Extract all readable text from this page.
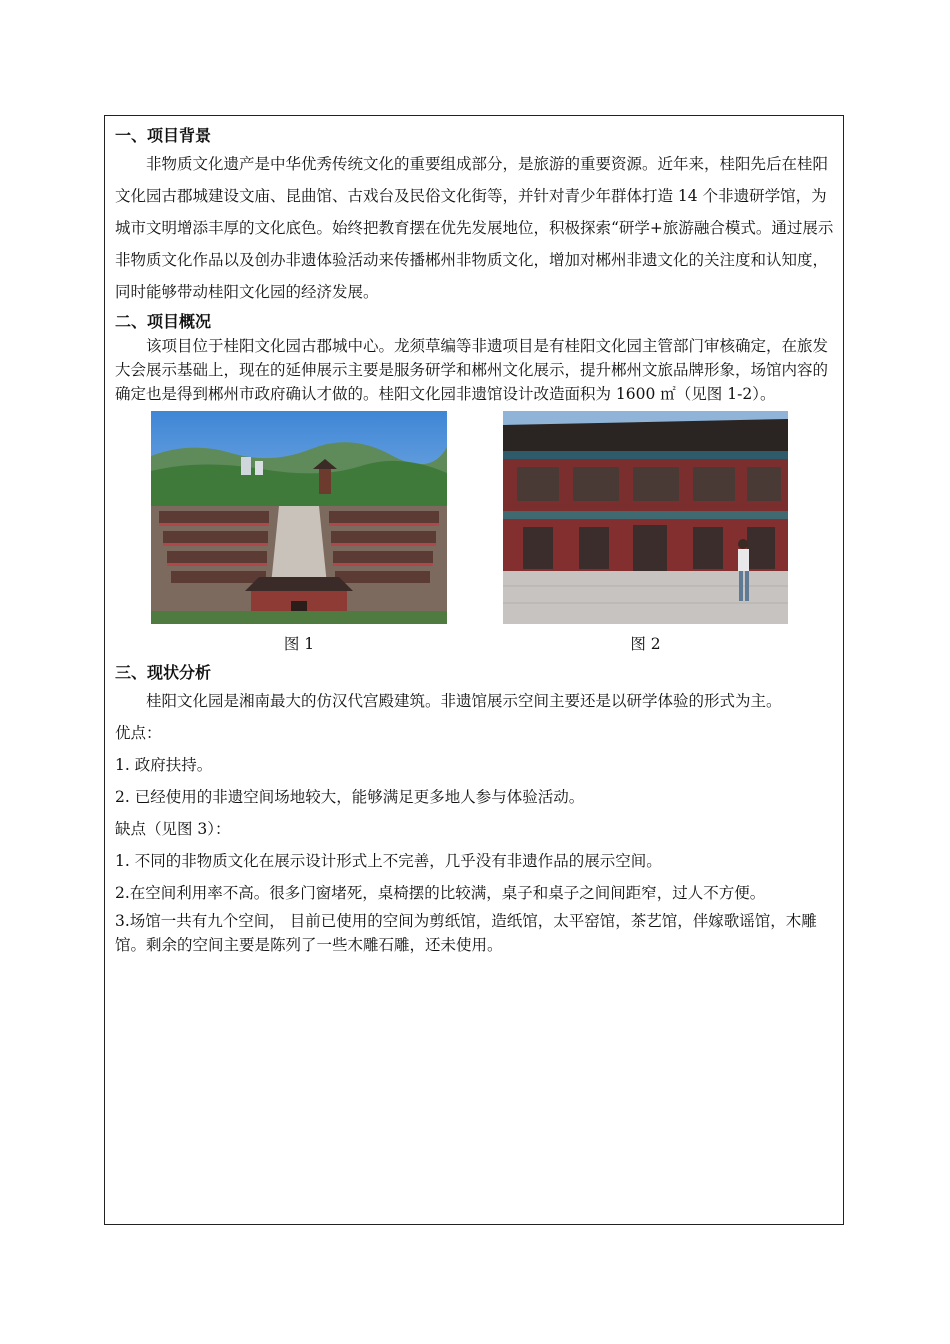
一、项目背景

非物质文化遗产是中华优秀传统文化的重要组成部分，是旅游的重要资源。近年来，桂阳先后在桂阳文化园古郡城建设文庙、昆曲馆、古戏台及民俗文化街等，并针对青少年群体打造 14 个非遗研学馆，为城市文明增添丰厚的文化底色。始终把教育摆在优先发展地位，积极探索“研学+旅游融合模式。通过展示非物质文化作品以及创办非遗体验活动来传播郴州非物质文化，增加对郴州非遗文化的关注度和认知度，同时能够带动桂阳文化园的经济发展。

二、项目概况

该项目位于桂阳文化园古郡城中心。龙须草编等非遗项目是有桂阳文化园主管部门审核确定，在旅发大会展示基础上，现在的延伸展示主要是服务研学和郴州文化展示，提升郴州文旅品牌形象，场馆内容的确定也是得到郴州市政府确认才做的。桂阳文化园非遗馆设计改造面积为 1600 ㎡（见图 1-2）。

图 1	图 2
三、现状分析

桂阳文化园是湘南最大的仿汉代宫殿建筑。非遗馆展示空间主要还是以研学体验的形式为主。

优点：

1. 政府扶持。

2. 已经使用的非遗空间场地较大，能够满足更多地人参与体验活动。

缺点（见图 3）：

1. 不同的非物质文化在展示设计形式上不完善，几乎没有非遗作品的展示空间。

2.在空间利用率不高。很多门窗堵死，桌椅摆的比较满，桌子和桌子之间间距窄，过人不方便。

3.场馆一共有九个空间， 目前已使用的空间为剪纸馆，造纸馆，太平窑馆，茶艺馆，伴嫁歌谣馆，木雕馆。剩余的空间主要是陈列了一些木雕石雕，还未使用。
